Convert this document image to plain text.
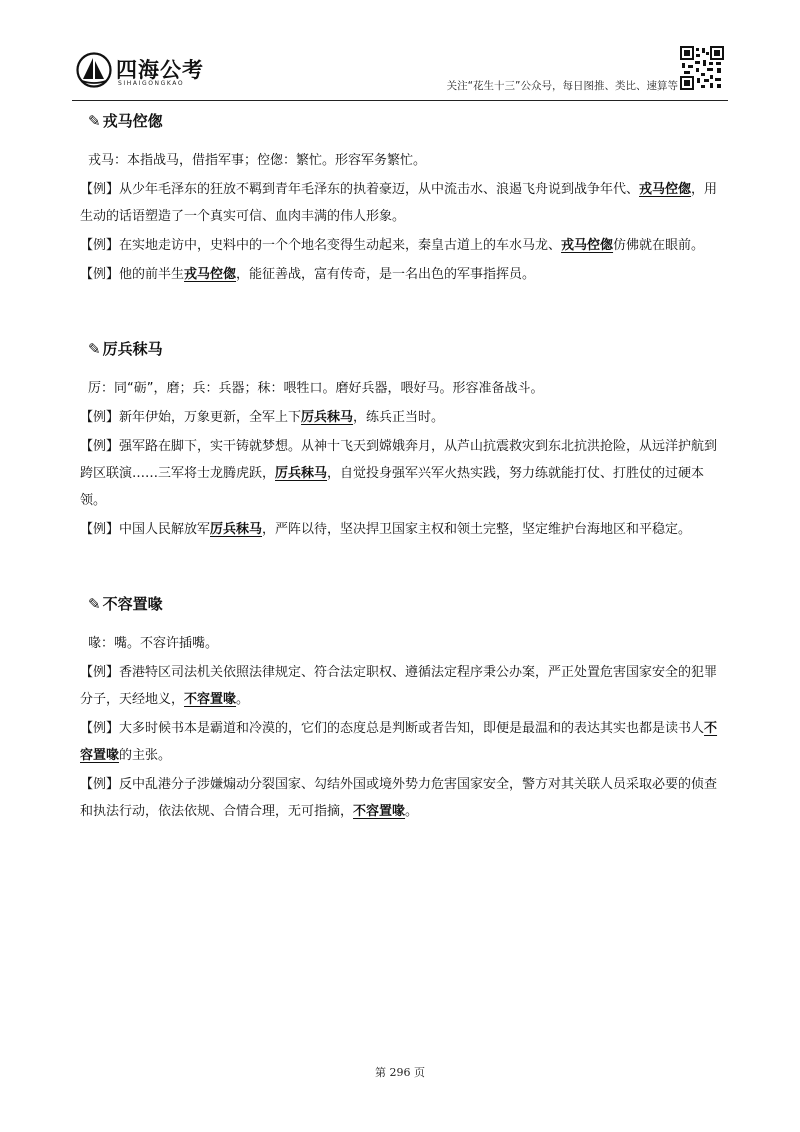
四海公考
SIHAIGONGKAO	关注“花生十三”公众号，每日图推、类比、速算等
✎ 戎马倥偬

戎马：本指战马，借指军事；倥偬：繁忙。形容军务繁忙。

【例】从少年毛泽东的狂放不羁到青年毛泽东的执着豪迈，从中流击水、浪遏飞舟说到战争年代、戎马倥偬，用生动的话语塑造了一个真实可信、血肉丰满的伟人形象。

【例】在实地走访中，史料中的一个个地名变得生动起来，秦皇古道上的车水马龙、戎马倥偬仿佛就在眼前。

【例】他的前半生戎马倥偬，能征善战，富有传奇，是一名出色的军事指挥员。

✎ 厉兵秣马

厉：同“砺”，磨；兵：兵器；秣：喂牲口。磨好兵器，喂好马。形容准备战斗。

【例】新年伊始，万象更新，全军上下厉兵秣马，练兵正当时。

【例】强军路在脚下，实干铸就梦想。从神十飞天到嫦娥奔月，从芦山抗震救灾到东北抗洪抢险，从远洋护航到跨区联演……三军将士龙腾虎跃，厉兵秣马，自觉投身强军兴军火热实践，努力练就能打仗、打胜仗的过硬本领。

【例】中国人民解放军厉兵秣马，严阵以待，坚决捍卫国家主权和领土完整，坚定维护台海地区和平稳定。

✎ 不容置喙

喙：嘴。不容许插嘴。

【例】香港特区司法机关依照法律规定、符合法定职权、遵循法定程序秉公办案，严正处置危害国家安全的犯罪分子，天经地义，不容置喙。

【例】大多时候书本是霸道和冷漠的，它们的态度总是判断或者告知，即便是最温和的表达其实也都是读书人不容置喙的主张。

【例】反中乱港分子涉嫌煽动分裂国家、勾结外国或境外势力危害国家安全，警方对其关联人员采取必要的侦查和执法行动，依法依规、合情合理，无可指摘，不容置喙。

第 296 页
